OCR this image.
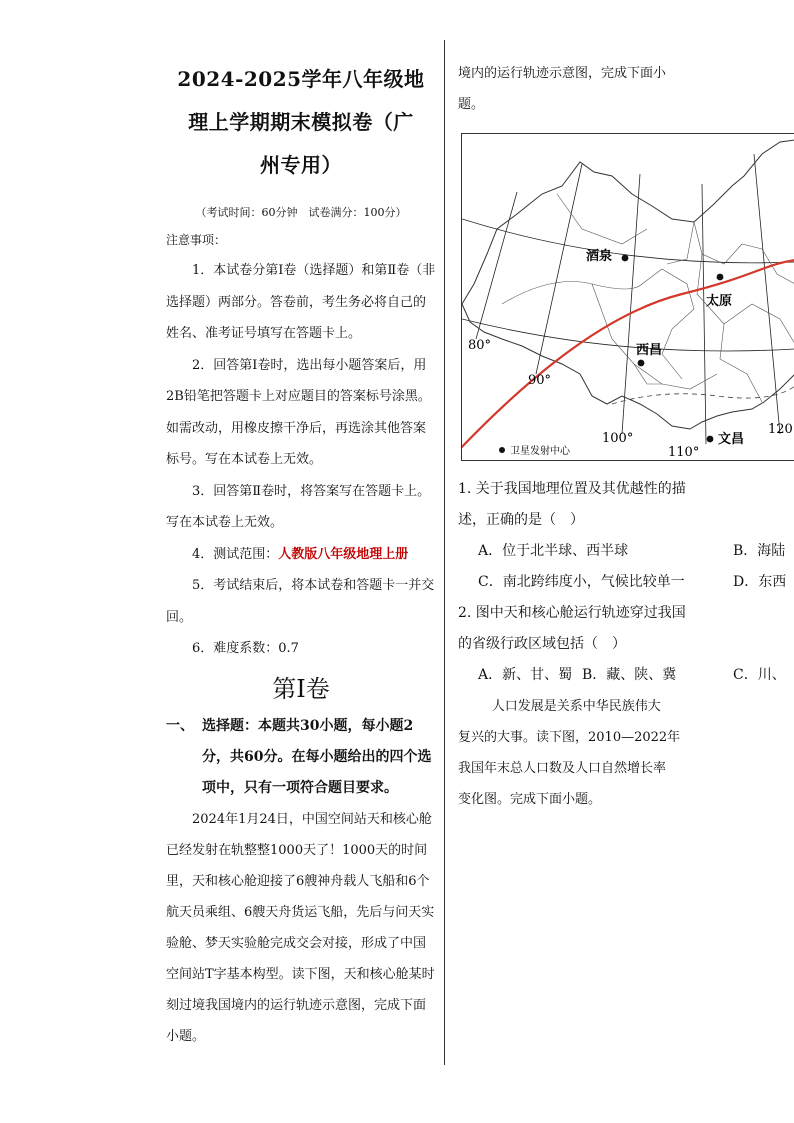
2024-2025学年八年级地

理上学期期末模拟卷（广

州专用）

（考试时间：60分钟　试卷满分：100分）

注意事项：

1．本试卷分第Ⅰ卷（选择题）和第Ⅱ卷（非选择题）两部分。答卷前，考生务必将自己的姓名、准考证号填写在答题卡上。

2．回答第Ⅰ卷时，选出每小题答案后，用2B铅笔把答题卡上对应题目的答案标号涂黑。如需改动，用橡皮擦干净后，再选涂其他答案标号。写在本试卷上无效。

3．回答第Ⅱ卷时，将答案写在答题卡上。写在本试卷上无效。

4．测试范围：人教版八年级地理上册

5．考试结束后，将本试卷和答题卡一并交回。

6．难度系数：0.7

第Ⅰ卷
一、 选择题：本题共30小题，每小题2分，共60分。在每小题给出的四个选项中，只有一项符合题目要求。

2024年1月24日，中国空间站天和核心舱已经发射在轨整整1000天了！1000天的时间里，天和核心舱迎接了6艘神舟载人飞船和6个航天员乘组、6艘天舟货运飞船，先后与问天实验舱、梦天实验舱完成交会对接，形成了中国空间站T字基本构型。读下图，天和核心舱某时刻过境我国境内的运行轨迹示意图，完成下面小题。

境内的运行轨迹示意图，完成下面小

题。

酒泉
太原
西昌
文昌
80°
90°
100°
110°
120
卫星发射中心

1. 关于我国地理位置及其优越性的描

述，正确的是（　）

A．位于北半球、西半球	B．海陆
C．南北跨纬度小，气候比较单一	D．东西

2. 图中天和核心舱运行轨迹穿过我国

的省级行政区域包括（　）

A．新、甘、蜀 B．藏、陕、冀	C．川、

人口发展是关系中华民族伟大

复兴的大事。读下图，2010—2022年

我国年末总人口数及人口自然增长率

变化图。完成下面小题。
